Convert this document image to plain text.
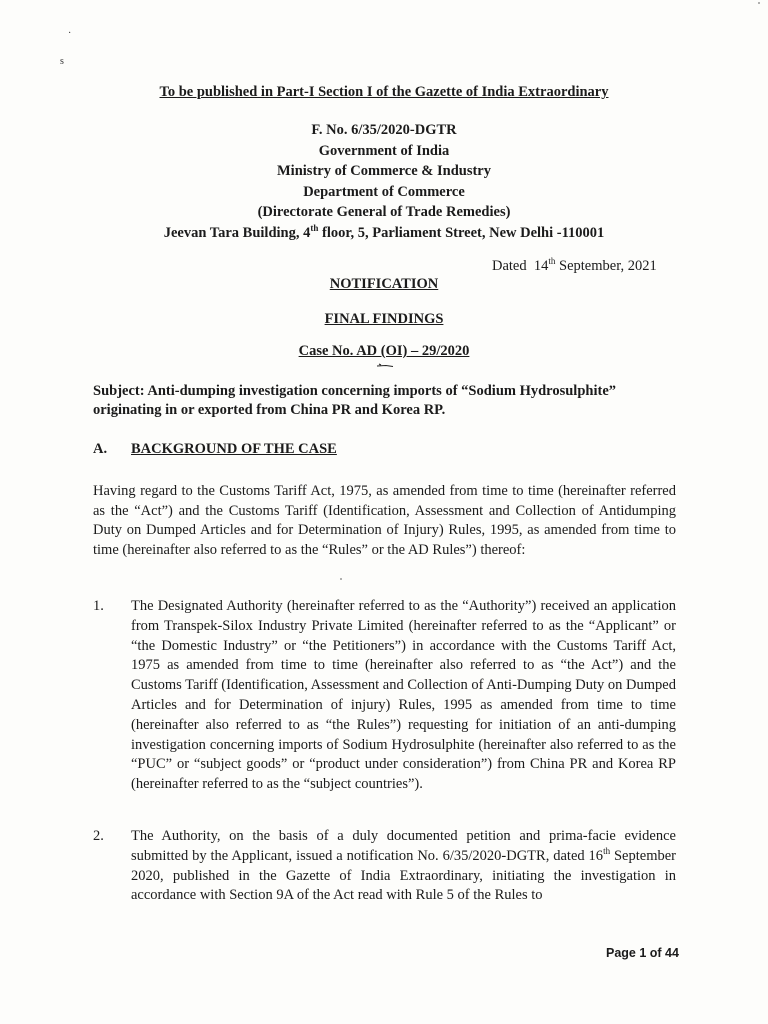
·
s
To be published in Part-I Section I of the Gazette of India Extraordinary
F. No. 6/35/2020-DGTR
Government of India
Ministry of Commerce & Industry
Department of Commerce
(Directorate General of Trade Remedies)
Jeevan Tara Building, 4th floor, 5, Parliament Street, New Delhi -110001
Dated 14th September, 2021
NOTIFICATION
FINAL FINDINGS
Case No. AD (OI) – 29/2020
Subject: Anti-dumping investigation concerning imports of “Sodium Hydrosulphite” originating in or exported from China PR and Korea RP.
A. BACKGROUND OF THE CASE
Having regard to the Customs Tariff Act, 1975, as amended from time to time (hereinafter referred as the “Act”) and the Customs Tariff (Identification, Assessment and Collection of Antidumping Duty on Dumped Articles and for Determination of Injury) Rules, 1995, as amended from time to time (hereinafter also referred to as the “Rules” or the AD Rules”) thereof:
1.	The Designated Authority (hereinafter referred to as the “Authority”) received an application from Transpek-Silox Industry Private Limited (hereinafter referred to as the “Applicant” or “the Domestic Industry” or “the Petitioners”) in accordance with the Customs Tariff Act, 1975 as amended from time to time (hereinafter also referred to as “the Act”) and the Customs Tariff (Identification, Assessment and Collection of Anti-Dumping Duty on Dumped Articles and for Determination of injury) Rules, 1995 as amended from time to time (hereinafter also referred to as “the Rules”) requesting for initiation of an anti-dumping investigation concerning imports of Sodium Hydrosulphite (hereinafter also referred to as the “PUC” or “subject goods” or “product under consideration”) from China PR and Korea RP (hereinafter referred to as the “subject countries”).
2.	The Authority, on the basis of a duly documented petition and prima-facie evidence submitted by the Applicant, issued a notification No. 6/35/2020-DGTR, dated 16th September 2020, published in the Gazette of India Extraordinary, initiating the investigation in accordance with Section 9A of the Act read with Rule 5 of the Rules to
Page 1 of 44
